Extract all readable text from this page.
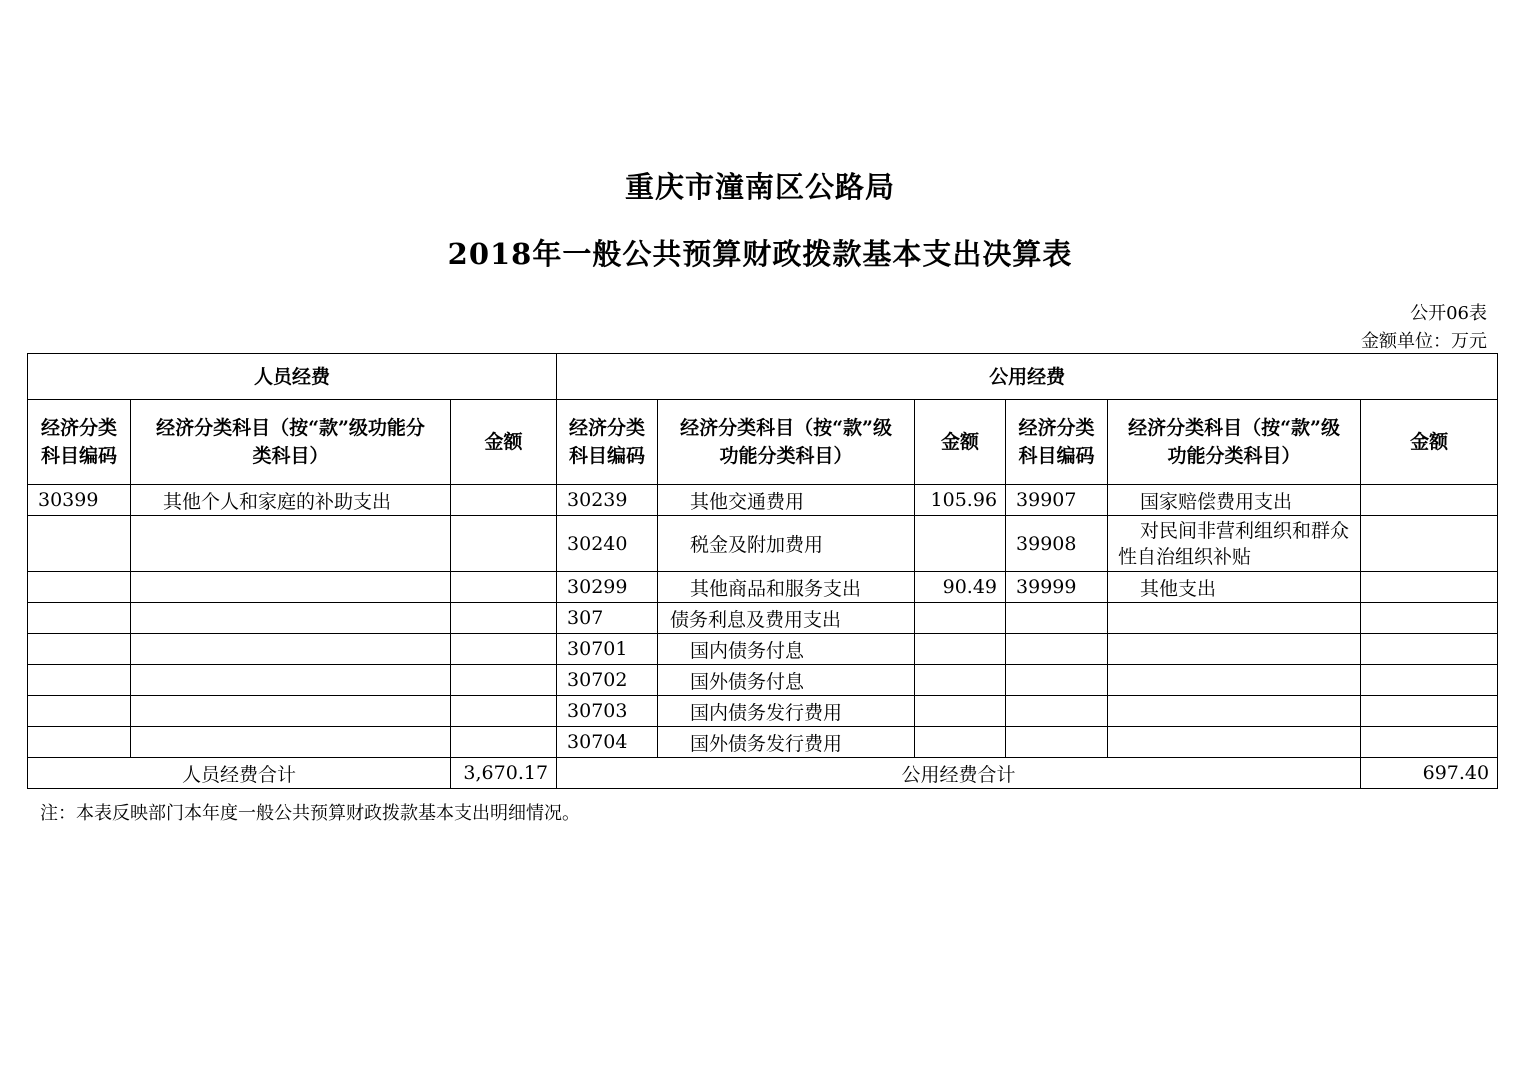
重庆市潼南区公路局
2018年一般公共预算财政拨款基本支出决算表
公开06表
金额单位：万元
人员经费			公用经费					
经济分类科目编码	经济分类科目（按“款”级功能分类科目）	金额	经济分类科目编码	经济分类科目（按“款”级功能分类科目）	金额	经济分类科目编码	经济分类科目（按“款”级功能分类科目）	金额
30399	其他个人和家庭的补助支出		30239	其他交通费用	105.96	39907	国家赔偿费用支出	
			30240	税金及附加费用		39908	对民间非营利组织和群众性自治组织补贴	
			30299	其他商品和服务支出	90.49	39999	其他支出	
			307	债务利息及费用支出				
			30701	国内债务付息				
			30702	国外债务付息				
			30703	国内债务发行费用				
			30704	国外债务发行费用				
人员经费合计		3,670.17	公用经费合计					697.40
注：本表反映部门本年度一般公共预算财政拨款基本支出明细情况。
